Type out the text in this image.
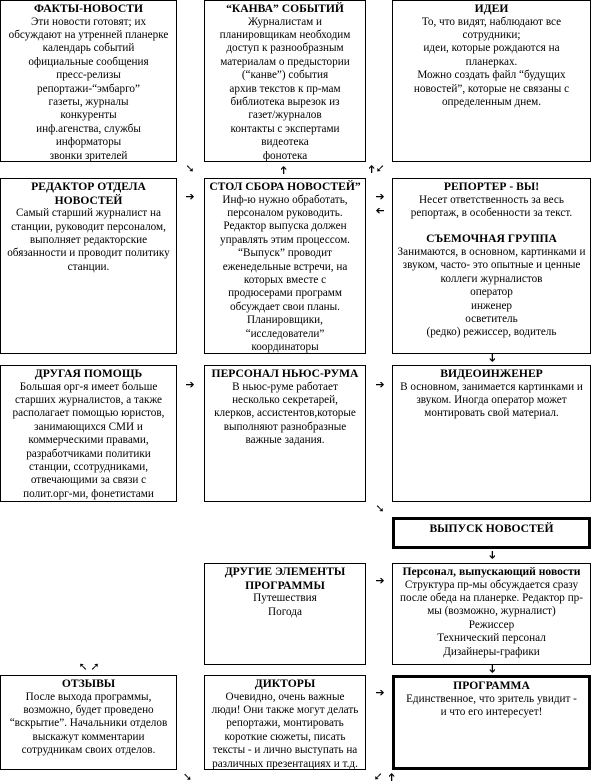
ФАКТЫ-НОВОСТИ
Эти новости готовят; их
обсуждают на утренней планерке
календарь событий
официальные сообщения
пресс-релизы
репортажи-“эмбарго”
газеты, журналы
конкуренты
инф.агенства, службы
информаторы
звонки зрителей
“КАНВА” СОБЫТИЙ
Журналистам и
планировщикам необходим
доступ к разнообразным
материалам о предыстории
(“канве”) события
архив текстов к пр-мам
библиотека вырезок из
газет/журналов
контакты с экспертами
видеотека
фонотека
ИДЕИ
То, что видят, наблюдают все
сотрудники;
идеи, которые рождаются на
планерках.
Можно создать файл “будущих
новостей”, которые не связаны с
определенным днем.
РЕДАКТОР ОТДЕЛА
НОВОСТЕЙ
Самый старший журналист на
станции, руководит персоналом,
выполняет редакторские
обязанности и проводит политику
станции.
СТОЛ СБОРА НОВОСТЕЙ”
Инф-ю нужно обработать,
персоналом руководить.
Редактор выпуска должен
управлять этим процессом.
“Выпуск” проводит
еженедельные встречи, на
которых вместе с
продюсерами программ
обсуждает свои планы.
Планировщики,
“исследователи”
координаторы
РЕПОРТЕР - ВЫ!
Несет ответственность за весь
репортаж, в особенности за текст.
СЪЕМОЧНАЯ ГРУППА
Занимаются, в основном, картинками и
звуком, часто- это опытные и ценные
коллеги журналистов
оператор
инженер
осветитель
(редко) режиссер, водитель
ДРУГАЯ ПОМОЩЬ
Большая орг-я имеет больше
старших журналистов, а также
располагает помощью юристов,
занимающихся СМИ и
коммерческими правами,
разработчиками политики
станции, ссотрудниками,
отвечающими за связи с
полит.орг-ми, фонетистами
ПЕРСОНАЛ НЬЮС-РУМА
В ньюс-руме работает
несколько секретарей,
клерков, ассистентов,которые
выполняют разнобразные
важные задания.
ВИДЕОИНЖЕНЕР
В основном, занимается картинками и
звуком. Иногда оператор может
монтировать свой материал.
ВЫПУСК НОВОСТЕЙ
ДРУГИЕ ЭЛЕМЕНТЫ
ПРОГРАММЫ
Путешествия
Погода
Персонал, выпускающий новости
Структура пр-мы обсуждается сразу
после обеда на планерке. Редактор пр-
мы (возможно, журналист)
Режиссер
Технический персонал
Дизайнеры-графики
ОТЗЫВЫ
После выхода программы,
возможно, будет проведено
“вскрытие”. Начальники отделов
выскажут комментарии
сотрудникам своих отделов.
ДИКТОРЫ
Очевидно, очень важные
люди! Они также могут делать
репортажи, монтировать
короткие сюжеты, писать
тексты - и лично выступать на
различных презентациях и т.д.
ПРОГРАММА
Единственное, что зритель увидит -
и что его интересует!
➘	➔
➔	➘
➔	➔
➔
➔
➔	➔
➘
➔
➔
➔
➔
➚ ➚
➘	➘ ➔
